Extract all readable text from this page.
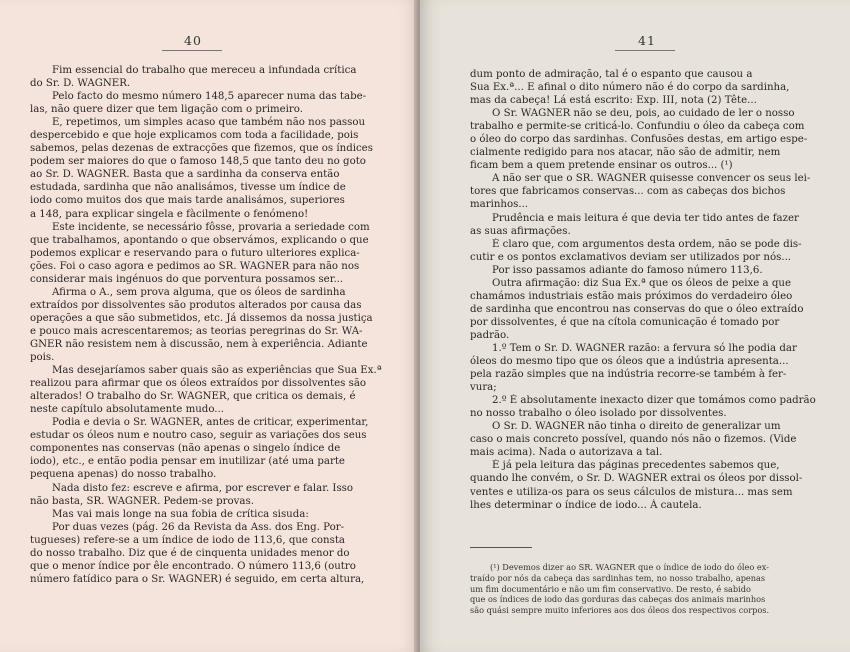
40
Fim essencial do trabalho que mereceu a infundada crítica
do Sr. D. WAGNER.
Pelo facto do mesmo número 148,5 aparecer numa das tabe-
las, não quere dizer que tem ligação com o primeiro.
E, repetimos, um simples acaso que também não nos passou
despercebido e que hoje explicamos com toda a facilidade, pois
sabemos, pelas dezenas de extracções que fizemos, que os índices
podem ser maiores do que o famoso 148,5 que tanto deu no goto
ao Sr. D. WAGNER. Basta que a sardinha da conserva então
estudada, sardinha que não analisámos, tivesse um índice de
iodo como muitos dos que mais tarde analisámos, superiores
a 148, para explicar singela e fàcilmente o fenómeno!
Este incidente, se necessário fôsse, provaria a seriedade com
que trabalhamos, apontando o que observámos, explicando o que
podemos explicar e reservando para o futuro ulteriores explica-
ções. Foi o caso agora e pedimos ao SR. WAGNER para não nos
considerar mais ingénuos do que porventura possamos ser...
Afirma o A., sem prova alguma, que os óleos de sardinha
extraídos por dissolventes são produtos alterados por causa das
operações a que são submetidos, etc. Já dissemos da nossa justiça
e pouco mais acrescentaremos; as teorias peregrinas do Sr. WA-
GNER não resistem nem à discussão, nem à experiência. Adiante
pois.
Mas desejaríamos saber quais são as experiências que Sua Ex.ª
realizou para afirmar que os óleos extraídos por dissolventes são
alterados! O trabalho do Sr. WAGNER, que critica os demais, é
neste capítulo absolutamente mudo...
Podia e devia o Sr. WAGNER, antes de criticar, experimentar,
estudar os óleos num e noutro caso, seguir as variações dos seus
componentes nas conservas (não apenas o singelo índice de
iodo), etc., e então podia pensar em inutilizar (até uma parte
pequena apenas) do nosso trabalho.
Nada disto fez: escreve e afirma, por escrever e falar. Isso
não basta, SR. WAGNER. Pedem-se provas.
Mas vai mais longe na sua fobia de crítica sisuda:
Por duas vezes (pág. 26 da Revista da Ass. dos Eng. Por-
tugueses) refere-se a um índice de iodo de 113,6, que consta
do nosso trabalho. Diz que é de cinquenta unidades menor do
que o menor índice por êle encontrado. O número 113,6 (outro
número fatídico para o Sr. WAGNER) é seguido, em certa altura,
41
dum ponto de admiração, tal é o espanto que causou a
Sua Ex.ª... E afinal o dito número não é do corpo da sardinha,
mas da cabeça! Lá está escrito: Exp. III, nota (2) Tête...
O Sr. WAGNER não se deu, pois, ao cuidado de ler o nosso
trabalho e permite-se criticá-lo. Confundiu o óleo da cabeça com
o óleo do corpo das sardinhas. Confusões destas, em artigo espe-
cialmente redigido para nos atacar, não são de admitir, nem
ficam bem a quem pretende ensinar os outros... (¹)
A não ser que o SR. WAGNER quisesse convencer os seus lei-
tores que fabricamos conservas... com as cabeças dos bichos
marinhos...
Prudência e mais leitura é que devia ter tido antes de fazer
as suas afirmações.
É claro que, com argumentos desta ordem, não se pode dis-
cutir e os pontos exclamativos deviam ser utilizados por nós...
Por isso passamos adiante do famoso número 113,6.
Outra afirmação: diz Sua Ex.ª que os óleos de peixe a que
chamámos industriais estão mais próximos do verdadeiro óleo
de sardinha que encontrou nas conservas do que o óleo extraído
por dissolventes, é que na cítola comunicação é tomado por
padrão.
1.º Tem o Sr. D. WAGNER razão: a fervura só lhe podia dar
óleos do mesmo tipo que os óleos que a indústria apresenta...
pela razão simples que na indústria recorre-se também à fer-
vura;
2.º É absolutamente inexacto dizer que tomámos como padrão
no nosso trabalho o óleo isolado por dissolventes.
O Sr. D. WAGNER não tinha o direito de generalizar um
caso o mais concreto possível, quando nós não o fizemos. (Vide
mais acima). Nada o autorizava a tal.
É já pela leitura das páginas precedentes sabemos que,
quando lhe convém, o Sr. D. WAGNER extrai os óleos por dissol-
ventes e utiliza-os para os seus cálculos de mistura... mas sem
lhes determinar o índice de iodo... À cautela.
(¹) Devemos dizer ao SR. WAGNER que o índice de iodo do óleo ex-
traído por nós da cabeça das sardinhas tem, no nosso trabalho, apenas
um fim documentário e não um fim conservativo. De resto, é sabido
que os índices de iodo das gorduras das cabeças dos animais marinhos
são quási sempre muito inferiores aos dos óleos dos respectivos corpos.
